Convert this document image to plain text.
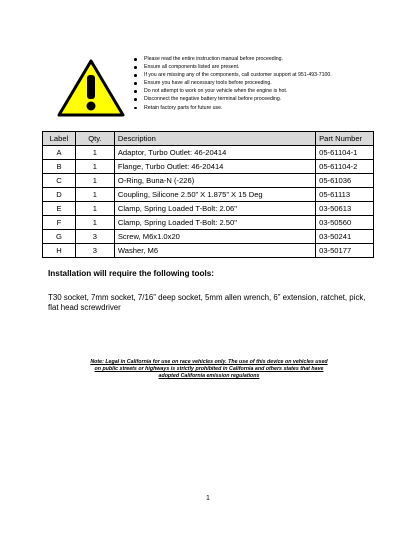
Please read the entire instruction manual before proceeding.
Ensure all components listed are present.
If you are missing any of the components, call customer support at 951-493-7100.
Ensure you have all necessary tools before proceeding.
Do not attempt to work on your vehicle when the engine is hot.
Disconnect the negative battery terminal before proceeding.
Retain factory parts for future use.
Label	Qty.	Description	Part Number
A	1	Adaptor, Turbo Outlet: 46-20414	05-61104-1
B	1	Flange, Turbo Outlet: 46-20414	05-61104-2
C	1	O-Ring, Buna-N (-226)	05-61036
D	1	Coupling, Silicone 2.50” X 1.875” X 15 Deg	05-61113
E	1	Clamp, Spring Loaded T-Bolt: 2.06"	03-50613
F	1	Clamp, Spring Loaded T-Bolt: 2.50"	03-50560
G	3	Screw, M6x1.0x20	03-50241
H	3	Washer, M6	03-50177

Installation will require the following tools:

T30 socket, 7mm socket, 7/16” deep socket, 5mm allen wrench, 6” extension, ratchet, pick, flat head screwdriver

Note: Legal in California for use on race vehicles only. The use of this device on vehicles used on public streets or highways is strictly prohibited in California and others states that have adopted California emission regulations

1
